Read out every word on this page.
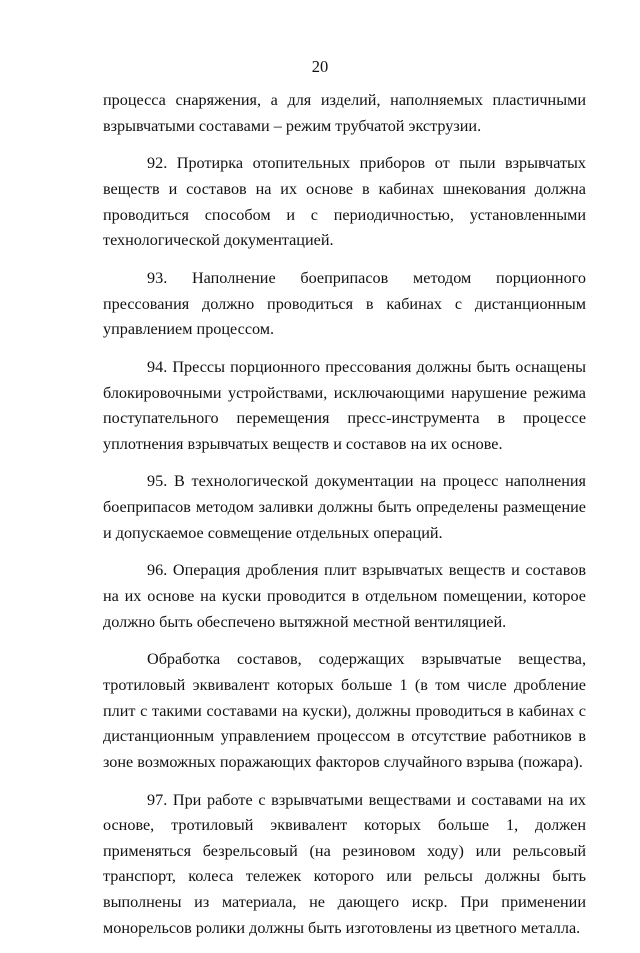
20

процесса снаряжения, а для изделий, наполняемых пластичными взрывчатыми составами – режим трубчатой экструзии.

92. Протирка отопительных приборов от пыли взрывчатых веществ и составов на их основе в кабинах шнекования должна проводиться способом и с периодичностью, установленными технологической документацией.

93. Наполнение боеприпасов методом порционного прессования должно проводиться в кабинах с дистанционным управлением процессом.

94. Прессы порционного прессования должны быть оснащены блокировочными устройствами, исключающими нарушение режима поступательного перемещения пресс-инструмента в процессе уплотнения взрывчатых веществ и составов на их основе.

95. В технологической документации на процесс наполнения боеприпасов методом заливки должны быть определены размещение и допускаемое совмещение отдельных операций.

96. Операция дробления плит взрывчатых веществ и составов на их основе на куски проводится в отдельном помещении, которое должно быть обеспечено вытяжной местной вентиляцией.

Обработка составов, содержащих взрывчатые вещества, тротиловый эквивалент которых больше 1 (в том числе дробление плит с такими составами на куски), должны проводиться в кабинах с дистанционным управлением процессом в отсутствие работников в зоне возможных поражающих факторов случайного взрыва (пожара).

97. При работе с взрывчатыми веществами и составами на их основе, тротиловый эквивалент которых больше 1, должен применяться безрельсовый (на резиновом ходу) или рельсовый транспорт, колеса тележек которого или рельсы должны быть выполнены из материала, не дающего искр. При применении монорельсов ролики должны быть изготовлены из цветного металла.
